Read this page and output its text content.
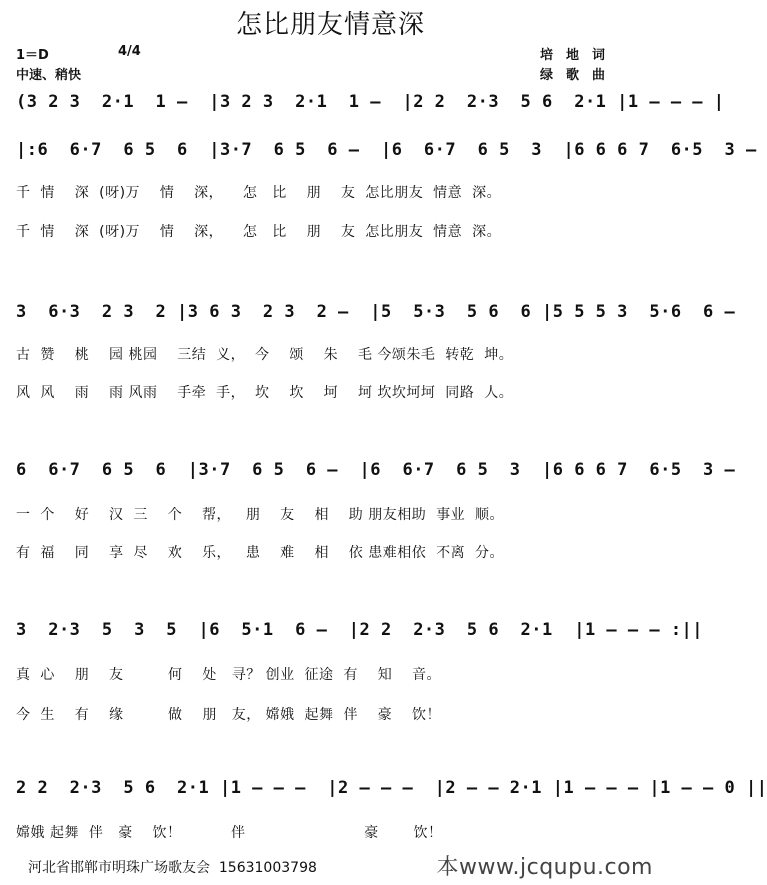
怎比朋友情意深
1＝D	4/4
中速、稍快
培　地　词
绿　歌　曲
(3 2 3  2·1  1 –  |3 2 3  2·1  1 –  |2 2  2·3  5 6  2·1 |1 – – – |
|:6  6·7  6 5  6  |3·7  6 5  6 –  |6  6·7  6 5  3  |6 6 6 7  6·5  3 –
千  情    深  (呀)万    情    深，    怎   比    朋    友  怎比朋友  情意  深。
千  情    深  (呀)万    情    深，    怎   比    朋    友  怎比朋友  情意  深。
3  6·3  2 3  2 |3 6 3  2 3  2 –  |5  5·3  5 6  6 |5 5 5 3  5·6  6 –
古  赞    桃    园 桃园    三结  义，  今    颂    朱    毛 今颂朱毛  转乾  坤。
风  风    雨    雨 风雨    手牵  手，  坎    坎    坷    坷 坎坎坷坷  同路  人。
6  6·7  6 5  6  |3·7  6 5  6 –  |6  6·7  6 5  3  |6 6 6 7  6·5  3 –
一  个    好    汉  三    个    帮，   朋    友    相    助 朋友相助  事业  顺。
有  福    同    享  尽    欢    乐，   患    难    相    依 患难相依  不离  分。
3  2·3  5  3  5  |6  5·1  6 –  |2 2  2·3  5 6  2·1  |1 – – – :||
真  心    朋    友         何    处   寻？ 创业  征途  有    知    音。
今  生    有    缘         做    朋   友， 嫦娥  起舞  伴    豪    饮！
2 2  2·3  5 6  2·1 |1 – – –  |2 – – –  |2 – – 2·1 |1 – – – |1 – – 0 ||
嫦娥 起舞  伴   豪    饮！          伴                        豪       饮！
河北省邯郸市明珠广场歌友会  15631003798	本www.jcqupu.com
